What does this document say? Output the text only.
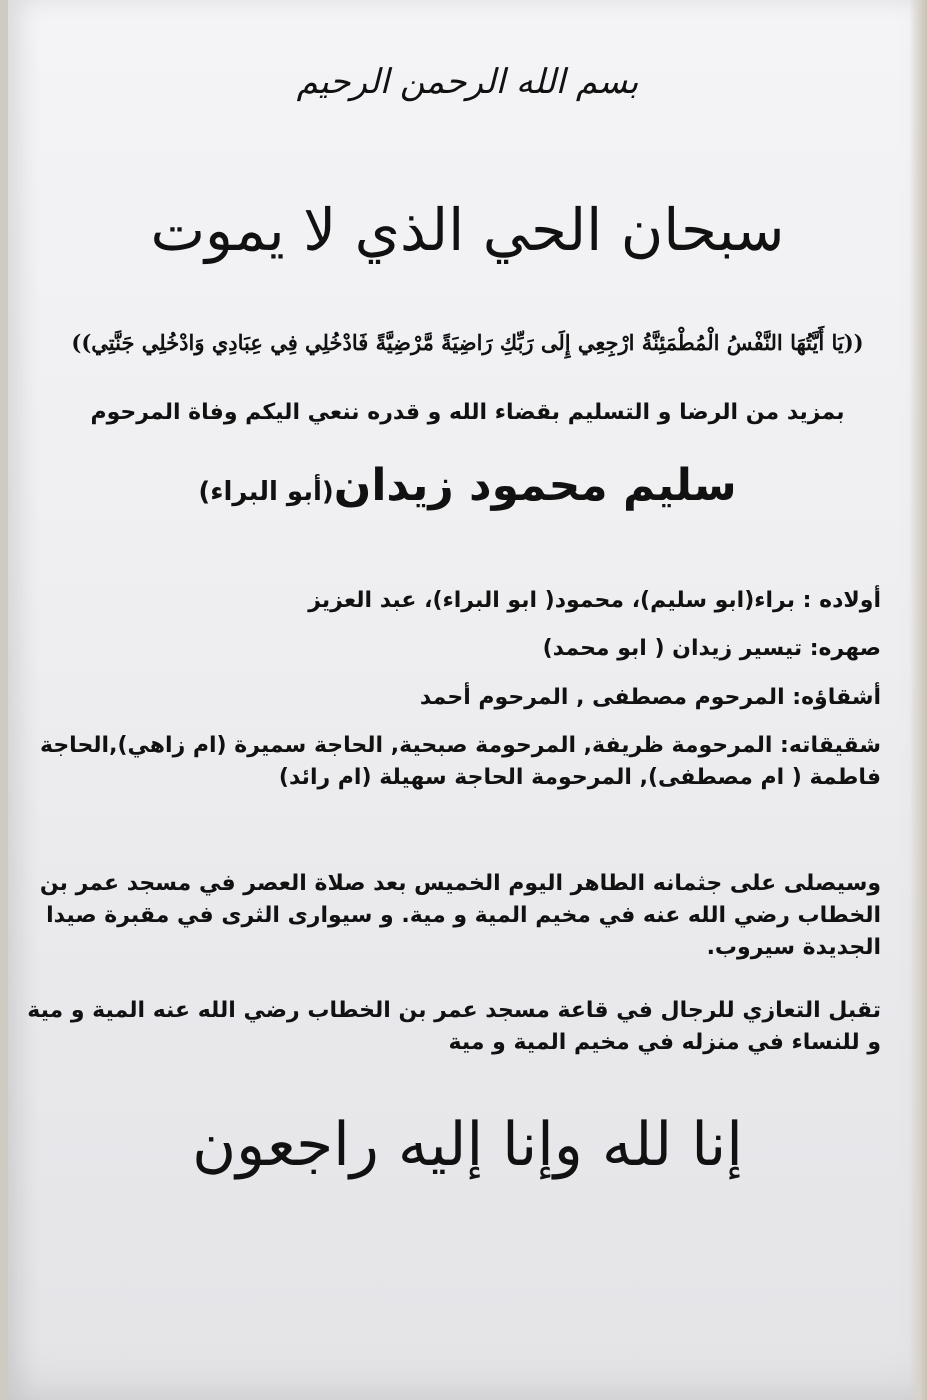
بسم الله الرحمن الرحيم
سبحان الحي الذي لا يموت
((يَا أَيَّتُهَا النَّفْسُ الْمُطْمَئِنَّةُ ارْجِعِي إِلَى رَبِّكِ رَاضِيَةً مَّرْضِيَّةً فَادْخُلِي فِي عِبَادِي وَادْخُلِي جَنَّتِي))
بمزيد من الرضا و التسليم بقضاء الله و قدره ننعي اليكم وفاة المرحوم
سليم محمود زيدان(أبو البراء)
أولاده : براء(ابو سليم)، محمود( ابو البراء)، عبد العزيز
صهره: تيسير زيدان ( ابو محمد)
أشقاؤه: المرحوم مصطفى , المرحوم أحمد
شقيقاته: المرحومة ظريفة, المرحومة صبحية, الحاجة سميرة (ام زاهي),الحاجة
فاطمة ( ام مصطفى), المرحومة الحاجة سهيلة (ام رائد)
وسيصلى على جثمانه الطاهر اليوم الخميس بعد صلاة العصر في مسجد عمر بن
الخطاب رضي الله عنه في مخيم المية و مية. و سيوارى الثرى في مقبرة صيدا
الجديدة سيروب.
تقبل التعازي للرجال في قاعة مسجد عمر بن الخطاب رضي الله عنه المية و مية
و للنساء في منزله في مخيم المية و مية
إنا لله وإنا إليه راجعون
